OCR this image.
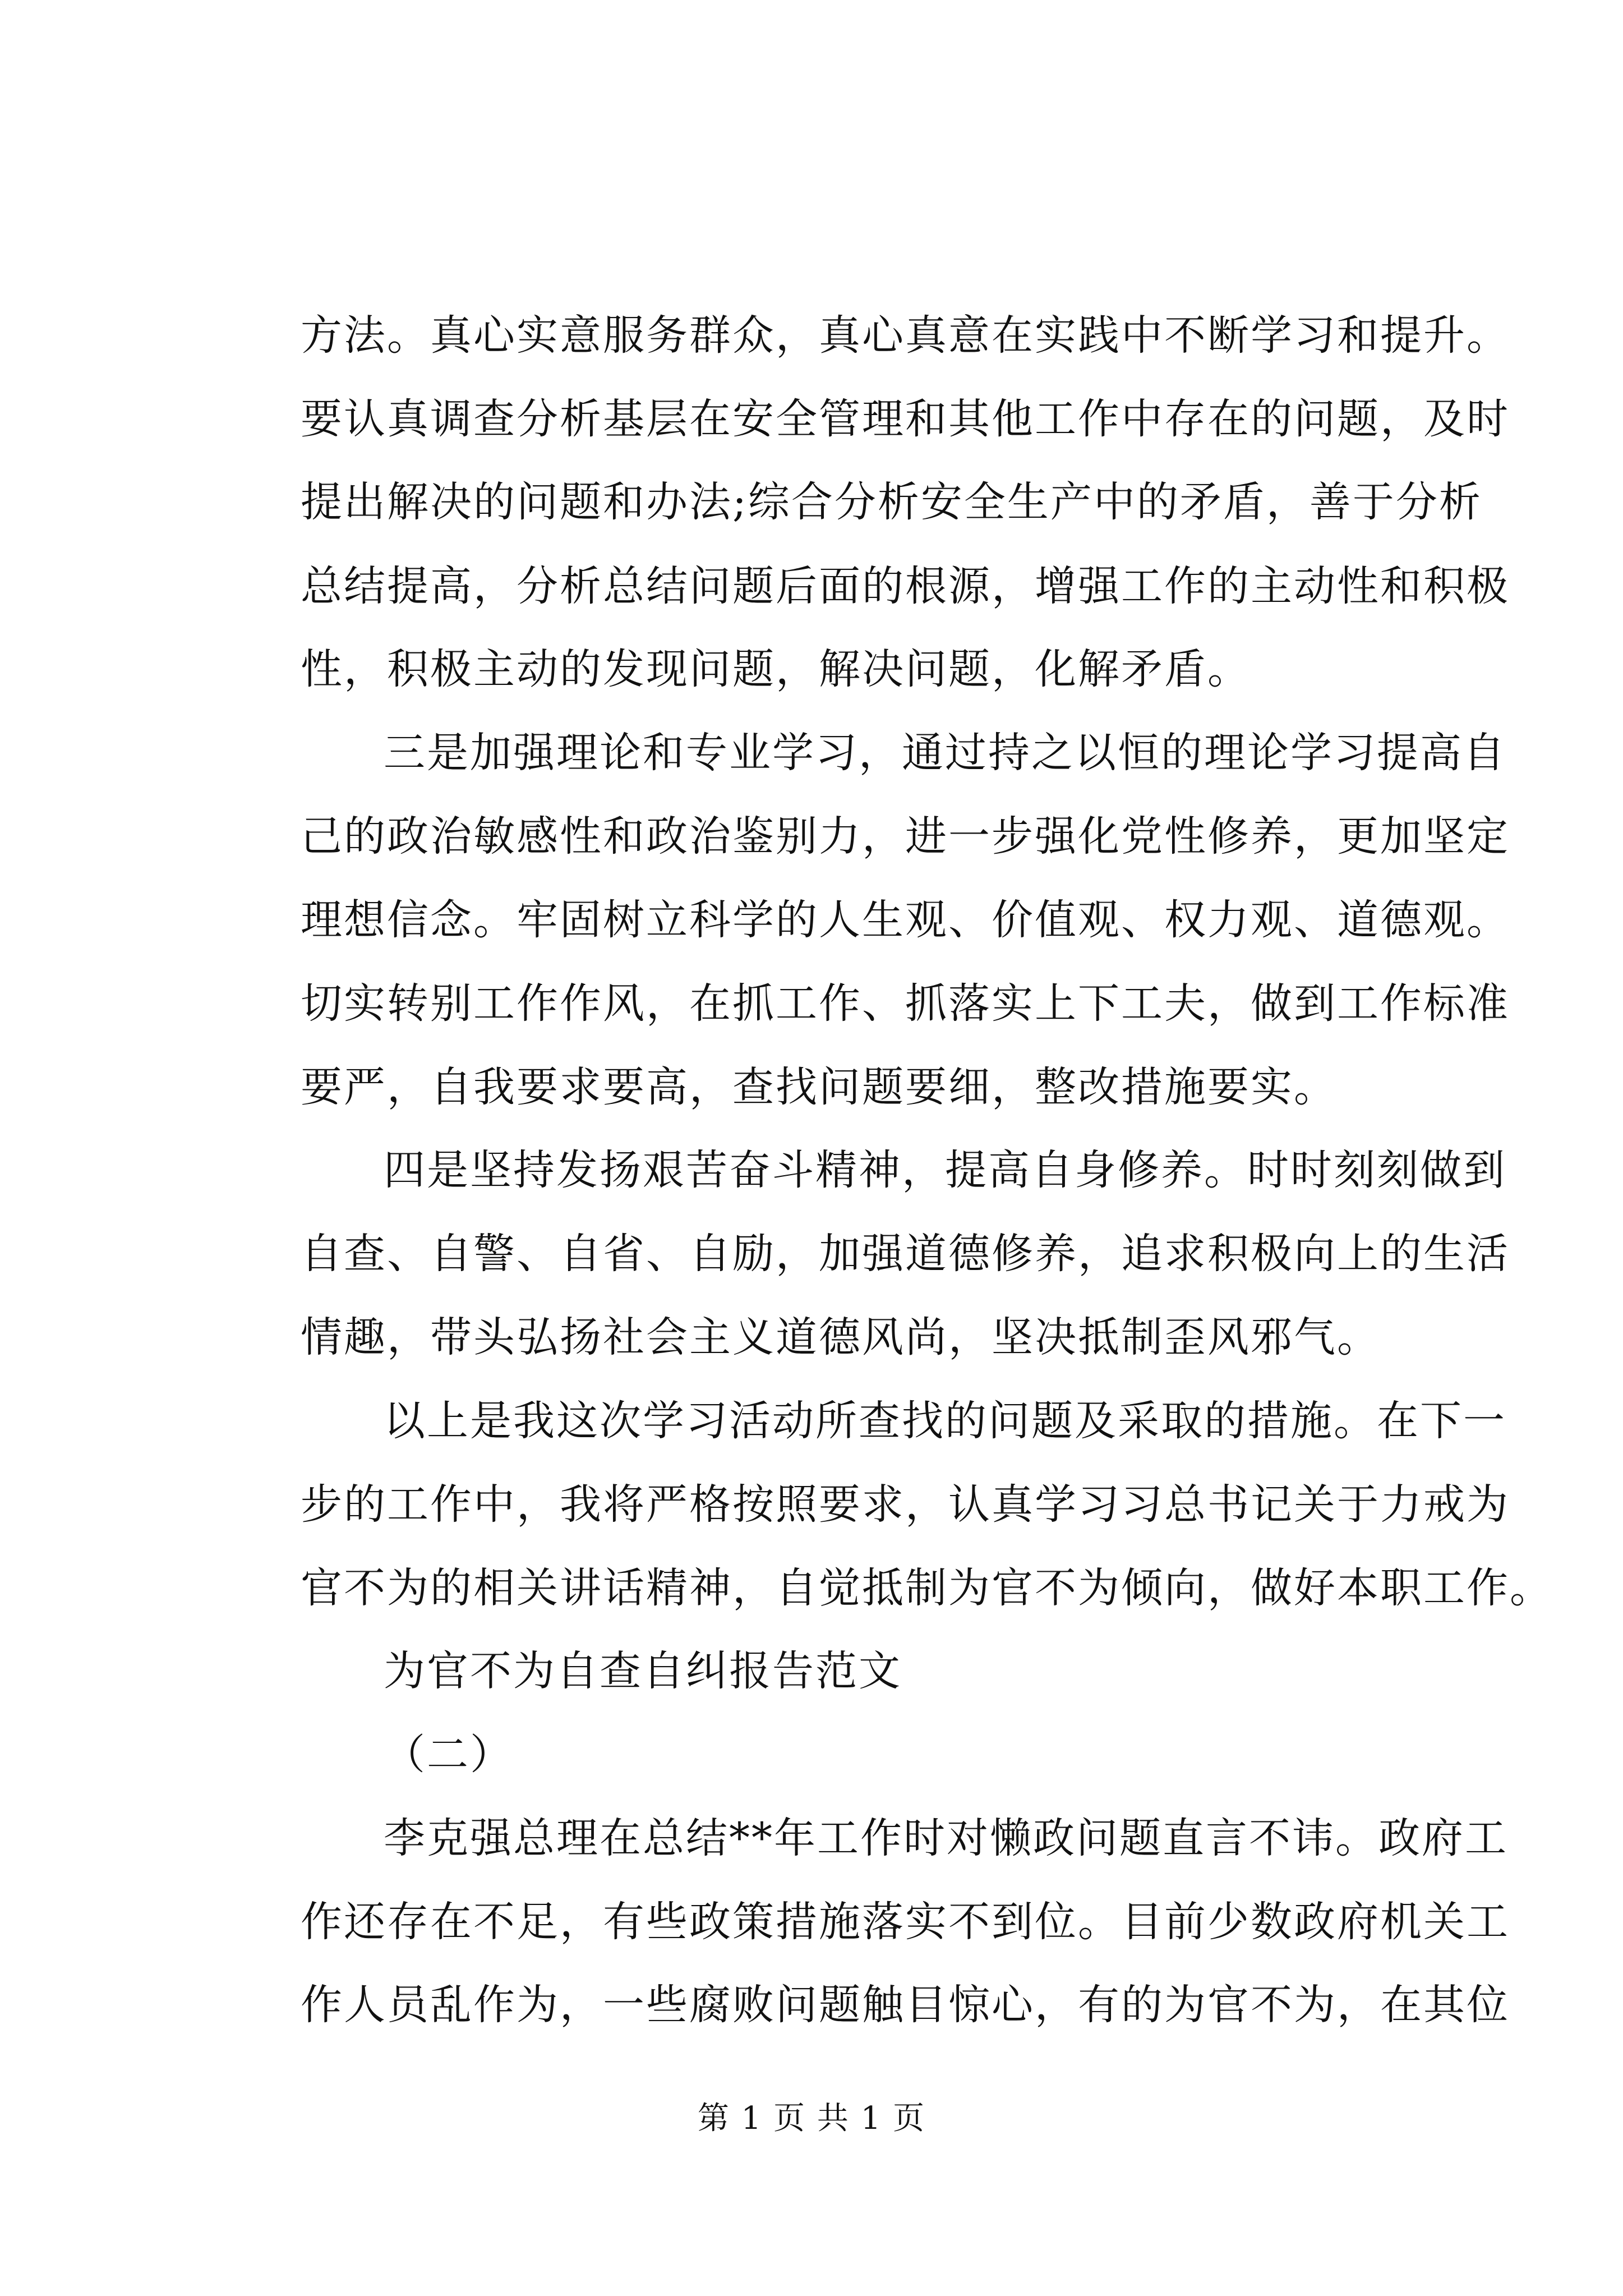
方法。真心实意服务群众，真心真意在实践中不断学习和提升。
要认真调查分析基层在安全管理和其他工作中存在的问题，及时
提出解决的问题和办法;综合分析安全生产中的矛盾，善于分析
总结提高，分析总结问题后面的根源，增强工作的主动性和积极
性，积极主动的发现问题，解决问题，化解矛盾。
三是加强理论和专业学习，通过持之以恒的理论学习提高自
己的政治敏感性和政治鉴别力，进一步强化党性修养，更加坚定
理想信念。牢固树立科学的人生观、价值观、权力观、道德观。
切实转别工作作风，在抓工作、抓落实上下工夫，做到工作标准
要严，自我要求要高，查找问题要细，整改措施要实。
四是坚持发扬艰苦奋斗精神，提高自身修养。时时刻刻做到
自查、自警、自省、自励，加强道德修养，追求积极向上的生活
情趣，带头弘扬社会主义道德风尚，坚决抵制歪风邪气。
以上是我这次学习活动所查找的问题及采取的措施。在下一
步的工作中，我将严格按照要求，认真学习习总书记关于力戒为
官不为的相关讲话精神，自觉抵制为官不为倾向，做好本职工作。
为官不为自查自纠报告范文
（二）
李克强总理在总结**年工作时对懒政问题直言不讳。政府工
作还存在不足，有些政策措施落实不到位。目前少数政府机关工
作人员乱作为，一些腐败问题触目惊心，有的为官不为，在其位
第 1 页 共 1 页
